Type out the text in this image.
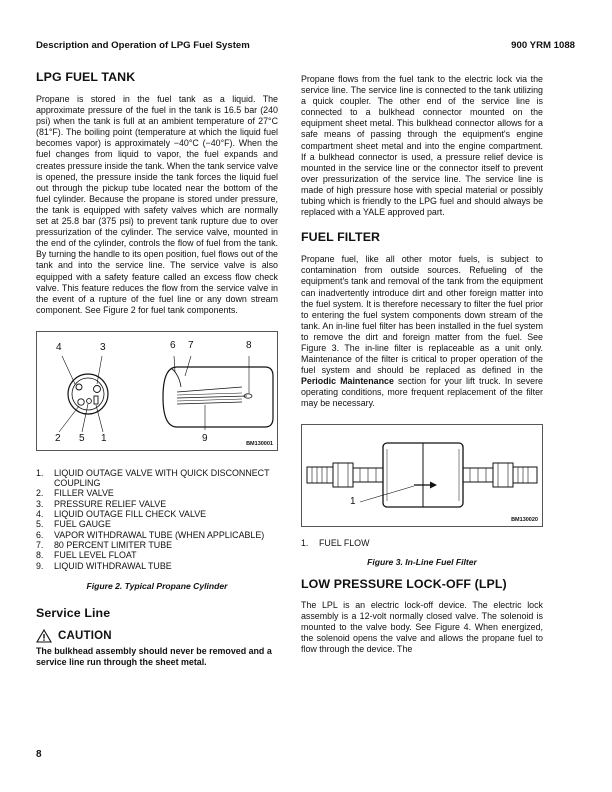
Description and Operation of LPG Fuel System	900 YRM 1088
LPG FUEL TANK

Propane is stored in the fuel tank as a liquid. The approximate pressure of the fuel in the tank is 16.5 bar (240 psi) when the tank is full at an ambient temperature of 27°C (81°F). The boiling point (temperature at which the liquid fuel becomes vapor) is approximately −40°C (−40°F). When the fuel changes from liquid to vapor, the fuel expands and creates pressure inside the tank. When the tank service valve is opened, the pressure inside the tank forces the liquid fuel out through the pickup tube located near the bottom of the fuel cylinder. Because the propane is stored under pressure, the tank is equipped with safety valves which are normally set at 25.8 bar (375 psi) to prevent tank rupture due to over pressurization of the cylinder. The service valve, mounted in the end of the cylinder, controls the flow of fuel from the tank. By turning the handle to its open position, fuel flows out of the tank and into the service line. The service valve is also equipped with a safety feature called an excess flow check valve. This feature reduces the flow from the service valve in the event of a rupture of the fuel line or any down stream component. See Figure 2 for fuel tank components.

4	3	6 7	8
2 5 1	9	BM130001
1.	LIQUID OUTAGE VALVE WITH QUICK DISCONNECT COUPLING
2.	FILLER VALVE
3.	PRESSURE RELIEF VALVE
4.	LIQUID OUTAGE FILL CHECK VALVE
5.	FUEL GAUGE
6.	VAPOR WITHDRAWAL TUBE (WHEN APPLICABLE)
7.	80 PERCENT LIMITER TUBE
8.	FUEL LEVEL FLOAT
9.	LIQUID WITHDRAWAL TUBE
Figure 2. Typical Propane Cylinder
Service Line
CAUTION

The bulkhead assembly should never be removed and a service line run through the sheet metal.

Propane flows from the fuel tank to the electric lock via the service line. The service line is connected to the tank utilizing a quick coupler. The other end of the service line is connected to a bulkhead connector mounted on the equipment sheet metal. This bulkhead connector allows for a safe means of passing through the equipment's engine compartment sheet metal and into the engine compartment. If a bulkhead connector is used, a pressure relief device is mounted in the service line or the connector itself to prevent over pressurization of the service line. The service line is made of high pressure hose with special material or possibly tubing which is friendly to the LPG fuel and should always be replaced with a YALE approved part.

FUEL FILTER

Propane fuel, like all other motor fuels, is subject to contamination from outside sources. Refueling of the equipment's tank and removal of the tank from the equipment can inadvertently introduce dirt and other foreign matter into the fuel system. It is therefore necessary to filter the fuel prior to entering the fuel system components down stream of the tank. An in-line fuel filter has been installed in the fuel system to remove the dirt and foreign matter from the fuel. See Figure 3. The in-line filter is replaceable as a unit only. Maintenance of the filter is critical to proper operation of the fuel system and should be replaced as defined in the Periodic Maintenance section for your lift truck. In severe operating conditions, more frequent replacement of the filter may be necessary.

1
BM130020
1.	FUEL FLOW
Figure 3. In-Line Fuel Filter
LOW PRESSURE LOCK-OFF (LPL)

The LPL is an electric lock-off device. The electric lock assembly is a 12-volt normally closed valve. The solenoid is mounted to the valve body. See Figure 4. When energized, the solenoid opens the valve and allows the propane fuel to flow through the device. The

8
